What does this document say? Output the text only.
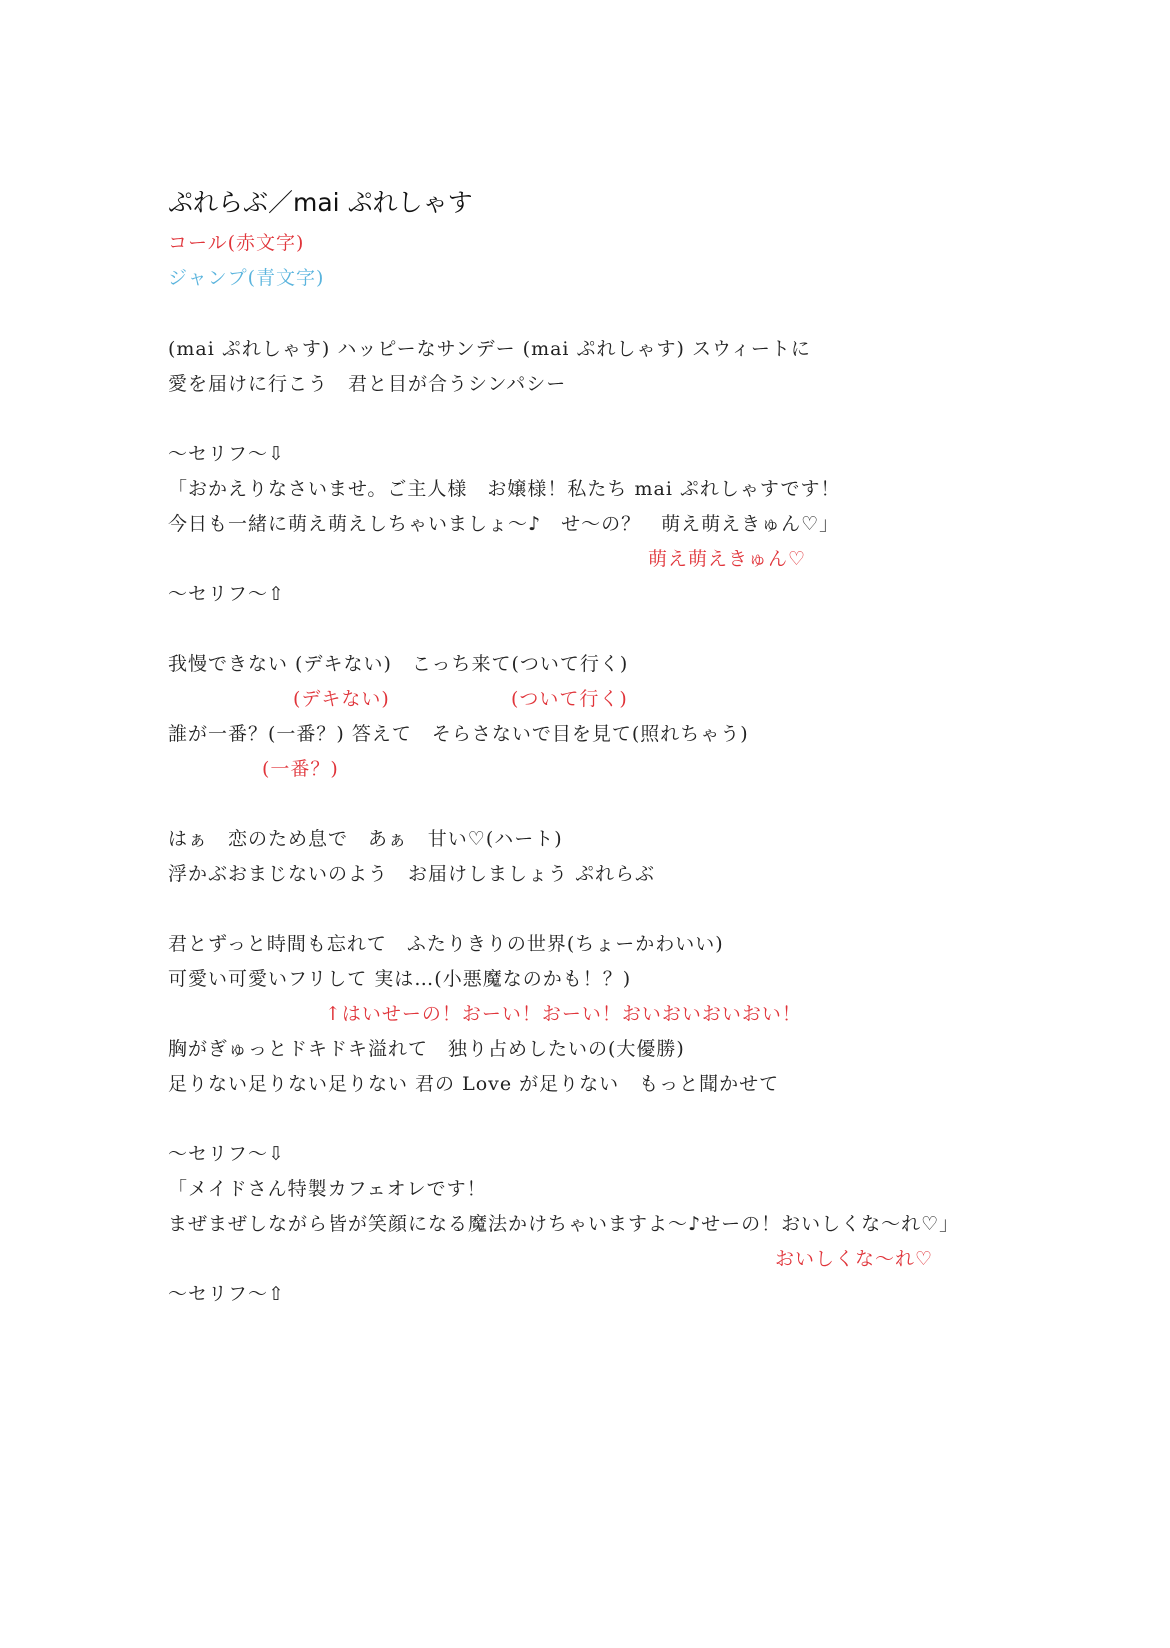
ぷれらぶ／mai ぷれしゃす
コール(赤文字)
ジャンプ(青文字)
(mai ぷれしゃす) ハッピーなサンデー (mai ぷれしゃす) スウィートに
愛を届けに行こう　君と目が合うシンパシー
～セリフ～⇩
「おかえりなさいませ。ご主人様　お嬢様！私たち mai ぷれしゃすです！
今日も一緒に萌え萌えしちゃいましょ～♪　せ～の？　萌え萌えきゅん♡」
萌え萌えきゅん♡
～セリフ～⇧
我慢できない (デキない)　こっち来て(ついて行く)
(デキない)	(ついて行く)
誰が一番？(一番？) 答えて　そらさないで目を見て(照れちゃう)
(一番？)
はぁ　恋のため息で　あぁ　甘い♡(ハート)
浮かぶおまじないのよう　お届けしましょう ぷれらぶ
君とずっと時間も忘れて　ふたりきりの世界(ちょーかわいい)
可愛い可愛いフリして 実は…(小悪魔なのかも！？)
↑はいせーの！おーい！おーい！おいおいおいおい！
胸がぎゅっとドキドキ溢れて　独り占めしたいの(大優勝)
足りない足りない足りない 君の Love が足りない　もっと聞かせて
～セリフ～⇩
「メイドさん特製カフェオレです！
まぜまぜしながら皆が笑顔になる魔法かけちゃいますよ～♪せーの！おいしくな～れ♡」
おいしくな～れ♡
～セリフ～⇧
